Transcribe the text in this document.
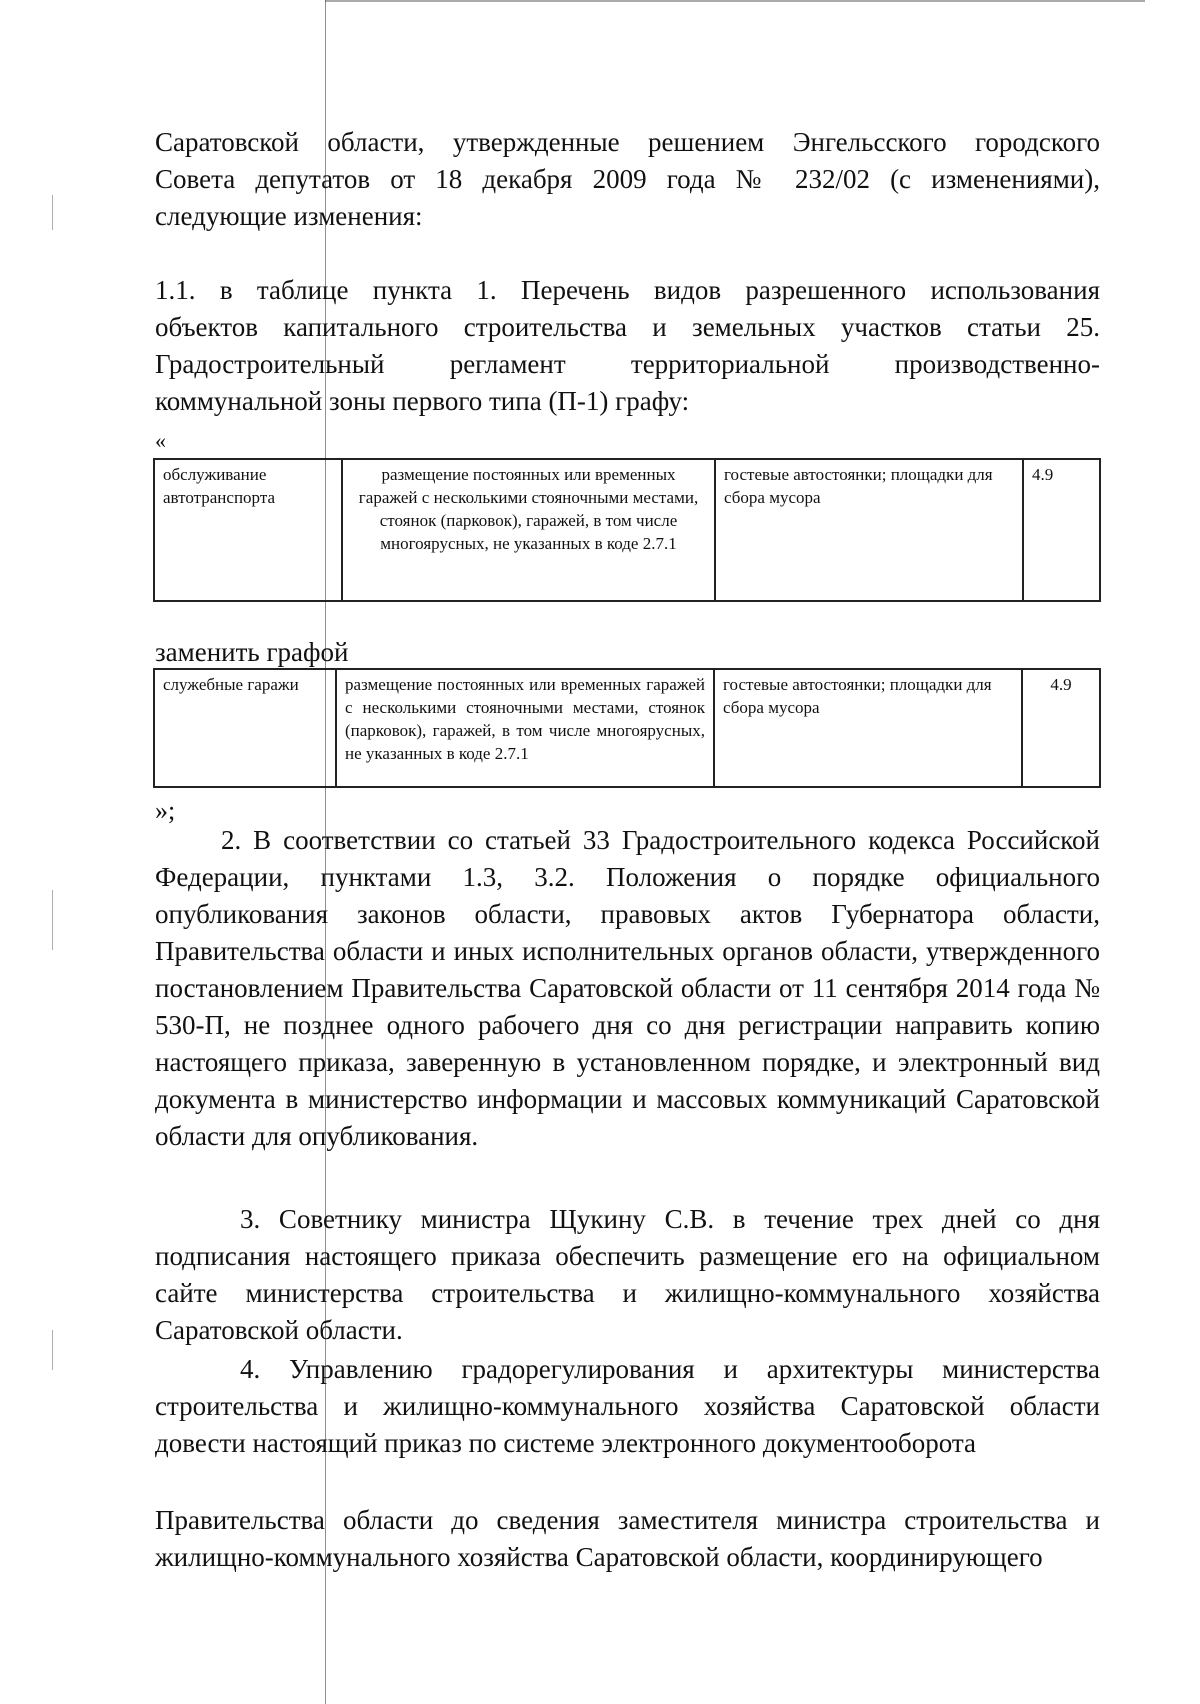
Саратовской области, утвержденные решением Энгельсского городского

Совета депутатов от 18 декабря 2009 года № 232/02 (с изменениями),

следующие изменения:

1.1. в таблице пункта 1. Перечень видов разрешенного использования

объектов капитального строительства и земельных участков статьи 25.

Градостроительный регламент территориальной производственно-

коммунальной зоны первого типа (П-1) графу:

«
обслуживание автотранспорта	размещение постоянных или временных гаражей с несколькими стояночными местами, стоянок (парковок), гаражей, в том числе многоярусных, не указанных в коде 2.7.1	гостевые автостоянки; площадки для сбора мусора	4.9

заменить графой

служебные гаражи	размещение постоянных или временных гаражей с несколькими стояночными местами, стоянок (парковок), гаражей, в том числе многоярусных, не указанных в коде 2.7.1	гостевые автостоянки; площадки для сбора мусора	4.9
»;

2. В соответствии со статьей 33 Градостроительного кодекса Российской Федерации, пунктами 1.3, 3.2. Положения о порядке официального опубликования законов области, правовых актов Губернатора области, Правительства области и иных исполнительных органов области, утвержденного постановлением Правительства Саратовской области от 11 сентября 2014 года № 530-П, не позднее одного рабочего дня со дня регистрации направить копию настоящего приказа, заверенную в установленном порядке, и электронный вид документа в министерство информации и массовых коммуникаций Саратовской области для опубликования.

3. Советнику министра Щукину С.В. в течение трех дней со дня подписания настоящего приказа обеспечить размещение его на официальном сайте министерства строительства и жилищно-коммунального хозяйства Саратовской области.

4. Управлению градорегулирования и архитектуры министерства строительства и жилищно-коммунального хозяйства Саратовской области довести настоящий приказ по системе электронного документооборота

Правительства области до сведения заместителя министра строительства и жилищно-коммунального хозяйства Саратовской области, координирующего
